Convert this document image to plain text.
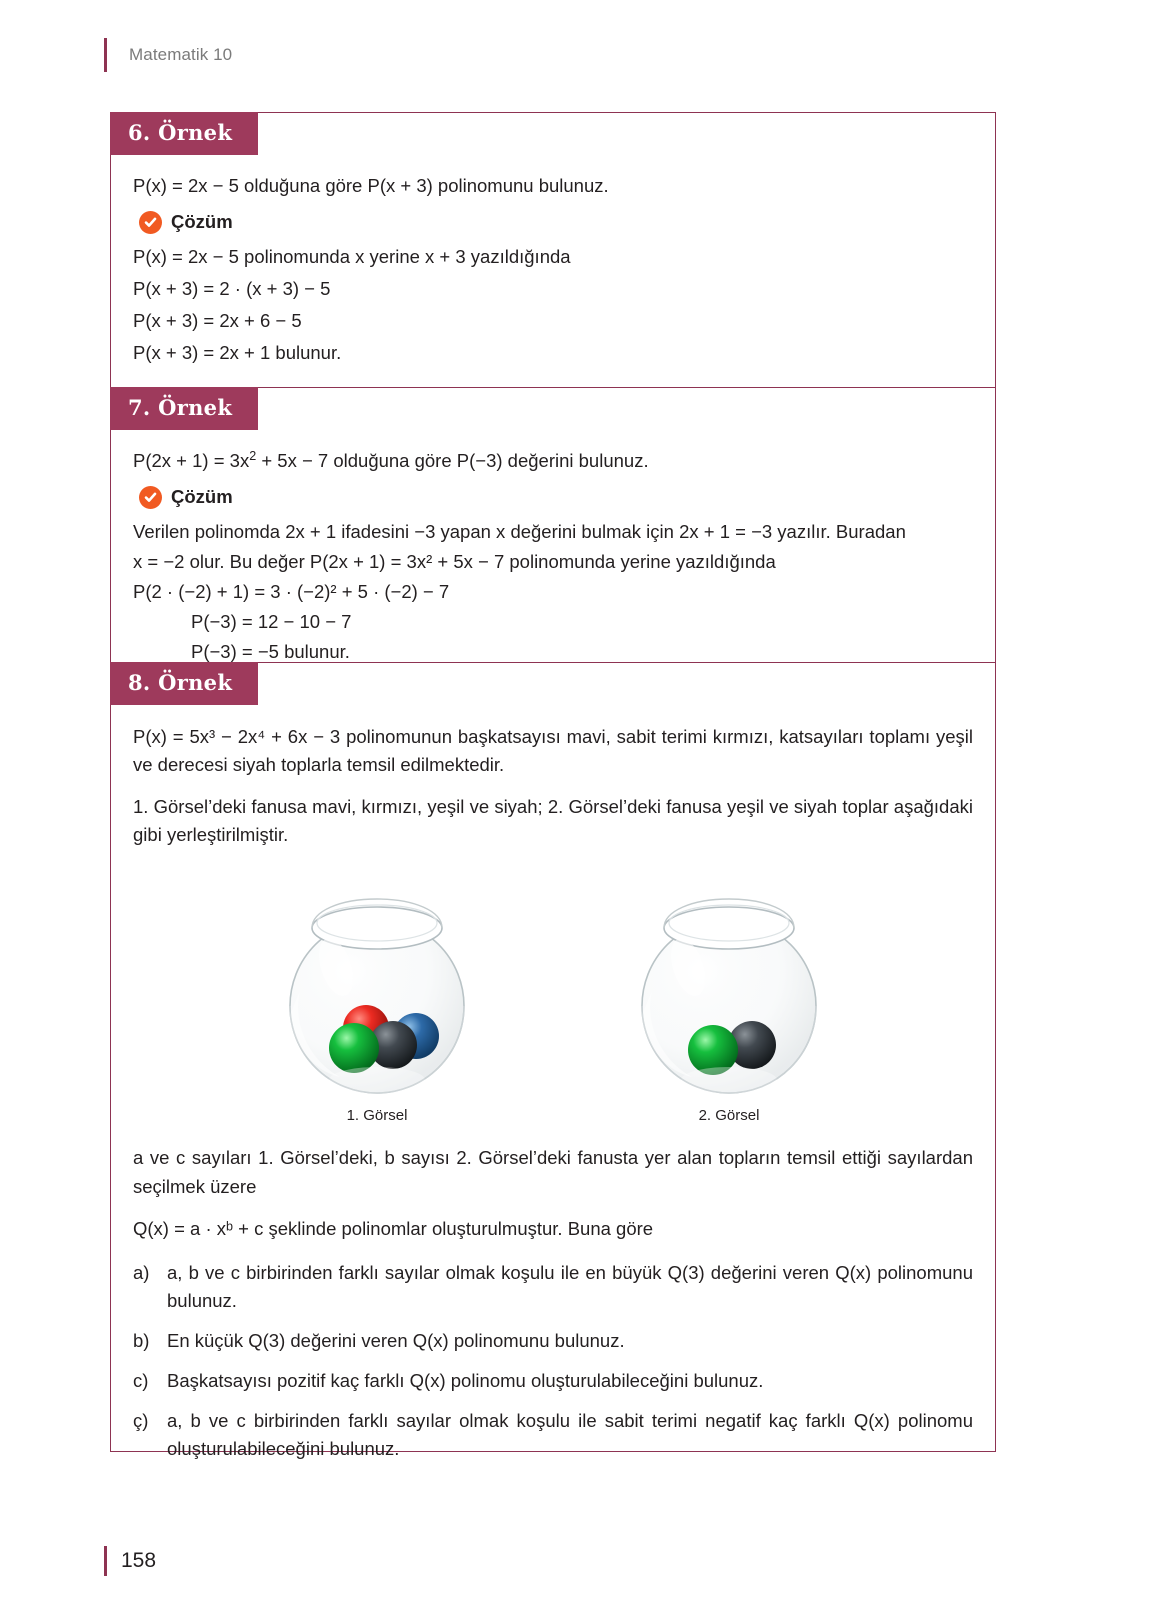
Matematik 10
6. Örnek

P(x) = 2x − 5 olduğuna göre P(x + 3) polinomunu bulunuz.

Çözüm

P(x) = 2x − 5 polinomunda x yerine x + 3 yazıldığında

P(x + 3) = 2 · (x + 3) − 5

P(x + 3) = 2x + 6 − 5

P(x + 3) = 2x + 1 bulunur.

7. Örnek

$P(2x + 1) = 3x^2 + 5x - 7$ olduğuna göre P(−3) değerini bulunuz.

Çözüm

Verilen polinomda 2x + 1 ifadesini −3 yapan x değerini bulmak için 2x + 1 = −3 yazılır. Buradan

x = −2 olur. Bu değer P(2x + 1) = 3x² + 5x − 7 polinomunda yerine yazıldığında

P(2 · (−2) + 1) = 3 · (−2)² + 5 · (−2) − 7

P(−3) = 12 − 10 − 7

P(−3) = −5 bulunur.

8. Örnek

P(x) = 5x³ − 2x⁴ + 6x − 3 polinomunun başkatsayısı mavi, sabit terimi kırmızı, katsayıları toplamı yeşil ve derecesi siyah toplarla temsil edilmektedir.

1. Görsel’deki fanusa mavi, kırmızı, yeşil ve siyah; 2. Görsel’deki fanusa yeşil ve siyah toplar aşağıdaki gibi yerleştirilmiştir.

1. Görsel	2. Görsel

a ve c sayıları 1. Görsel’deki, b sayısı 2. Görsel’deki fanusta yer alan topların temsil ettiği sayılardan seçilmek üzere

Q(x) = a · xᵇ + c şeklinde polinomlar oluşturulmuştur. Buna göre

a) a, b ve c birbirinden farklı sayılar olmak koşulu ile en büyük Q(3) değerini veren Q(x) polinomunu bulunuz.
b) En küçük Q(3) değerini veren Q(x) polinomunu bulunuz.
c)	Başkatsayısı pozitif kaç farklı Q(x) polinomu oluşturulabileceğini bulunuz.
ç)	a, b ve c birbirinden farklı sayılar olmak koşulu ile sabit terimi negatif kaç farklı Q(x) polinomu oluşturulabileceğini bulunuz.
158
